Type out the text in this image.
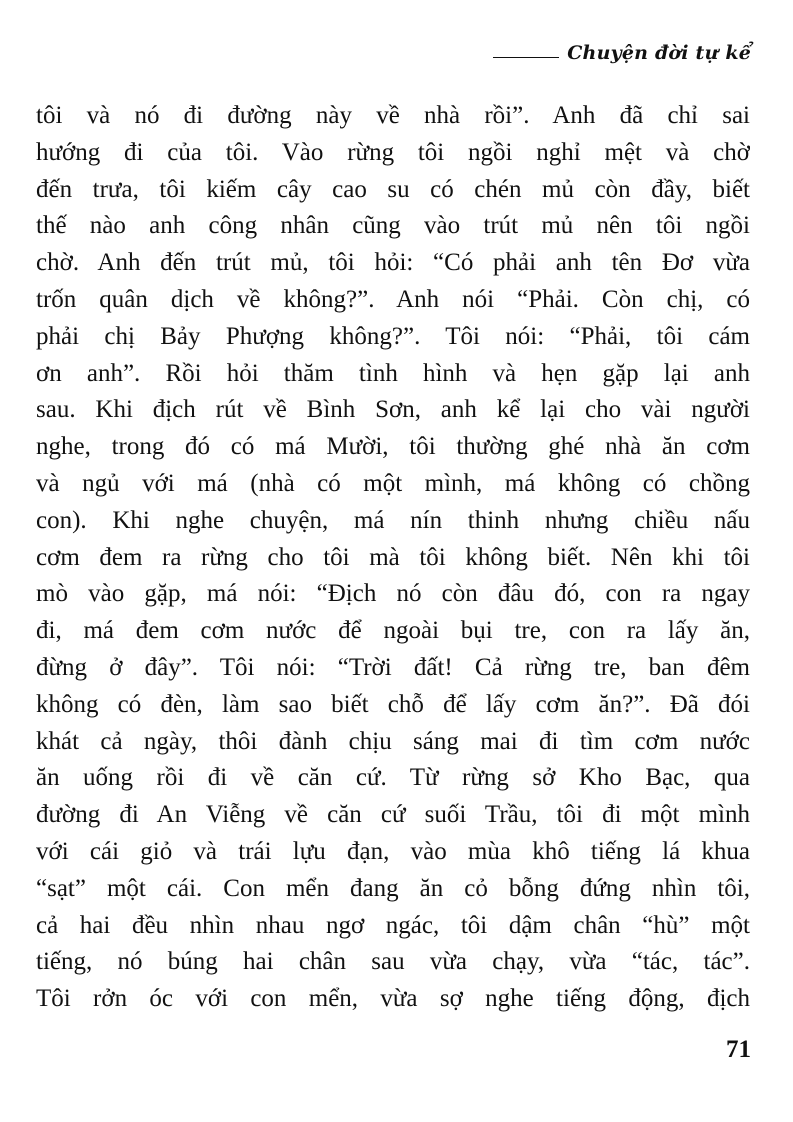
Chuyện đời tự kể
tôi và nó đi đường này về nhà rồi”. Anh đã chỉ sai
hướng đi của tôi. Vào rừng tôi ngồi nghỉ mệt và chờ
đến trưa, tôi kiếm cây cao su có chén mủ còn đầy, biết
thế nào anh công nhân cũng vào trút mủ nên tôi ngồi
chờ. Anh đến trút mủ, tôi hỏi: “Có phải anh tên Đơ vừa
trốn quân dịch về không?”. Anh nói “Phải. Còn chị, có
phải chị Bảy Phượng không?”. Tôi nói: “Phải, tôi cám
ơn anh”. Rồi hỏi thăm tình hình và hẹn gặp lại anh
sau. Khi địch rút về Bình Sơn, anh kể lại cho vài người
nghe, trong đó có má Mười, tôi thường ghé nhà ăn cơm
và ngủ với má (nhà có một mình, má không có chồng
con). Khi nghe chuyện, má nín thinh nhưng chiều nấu
cơm đem ra rừng cho tôi mà tôi không biết. Nên khi tôi
mò vào gặp, má nói: “Địch nó còn đâu đó, con ra ngay
đi, má đem cơm nước để ngoài bụi tre, con ra lấy ăn,
đừng ở đây”. Tôi nói: “Trời đất! Cả rừng tre, ban đêm
không có đèn, làm sao biết chỗ để lấy cơm ăn?”. Đã đói
khát cả ngày, thôi đành chịu sáng mai đi tìm cơm nước
ăn uống rồi đi về căn cứ. Từ rừng sở Kho Bạc, qua
đường đi An Viễng về căn cứ suối Trầu, tôi đi một mình
với cái giỏ và trái lựu đạn, vào mùa khô tiếng lá khua
“sạt” một cái. Con mển đang ăn cỏ bỗng đứng nhìn tôi,
cả hai đều nhìn nhau ngơ ngác, tôi dậm chân “hù” một
tiếng, nó búng hai chân sau vừa chạy, vừa “tác, tác”.
Tôi rởn óc với con mển, vừa sợ nghe tiếng động, địch
71
